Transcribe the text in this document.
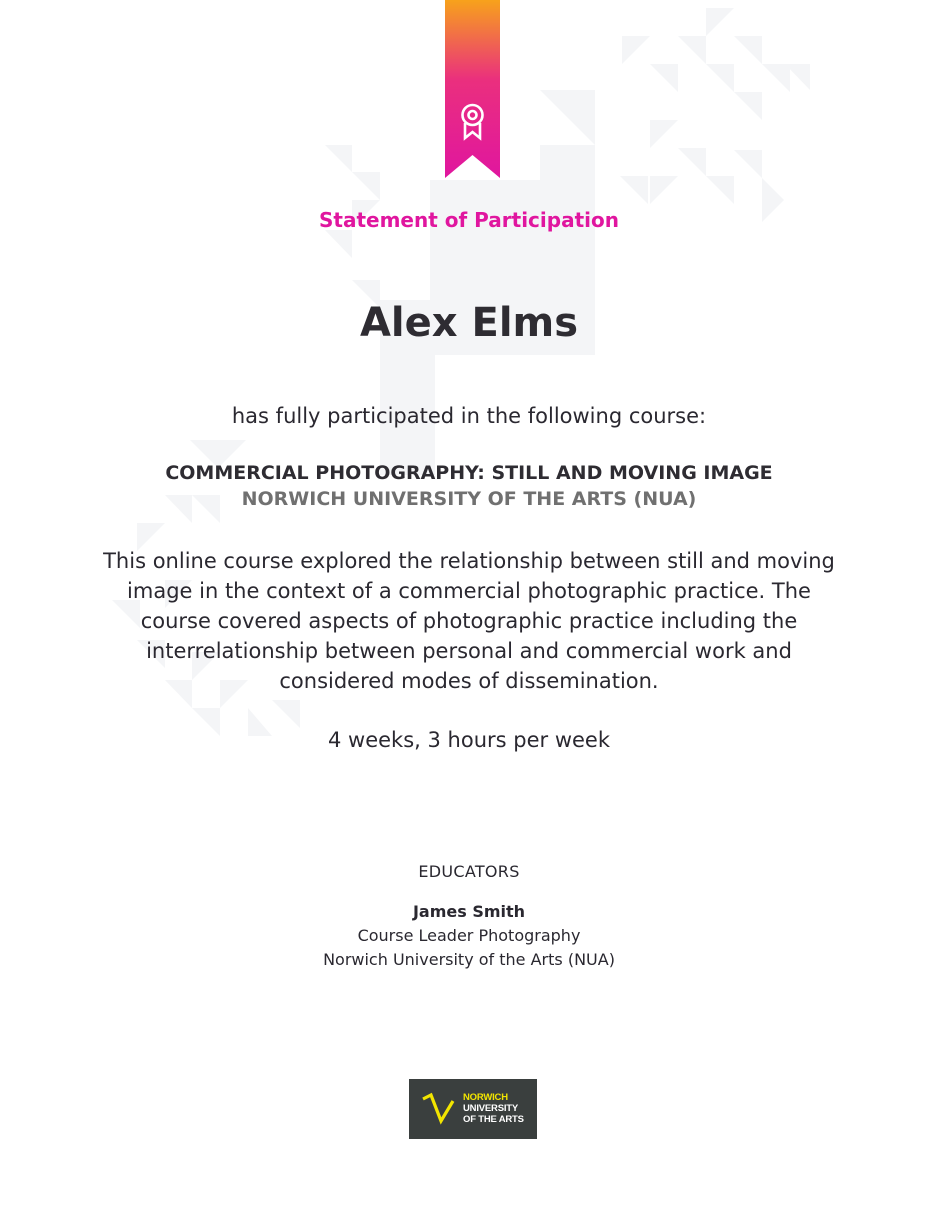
Statement of Participation
Alex Elms
has fully participated in the following course:
COMMERCIAL PHOTOGRAPHY: STILL AND MOVING IMAGE
NORWICH UNIVERSITY OF THE ARTS (NUA)
This online course explored the relationship between still and moving image in the context of a commercial photographic practice. The course covered aspects of photographic practice including the interrelationship between personal and commercial work and considered modes of dissemination.
4 weeks, 3 hours per week
EDUCATORS
James Smith
Course Leader Photography
Norwich University of the Arts (NUA)
NORWICH
UNIVERSITY
OF THE ARTS
